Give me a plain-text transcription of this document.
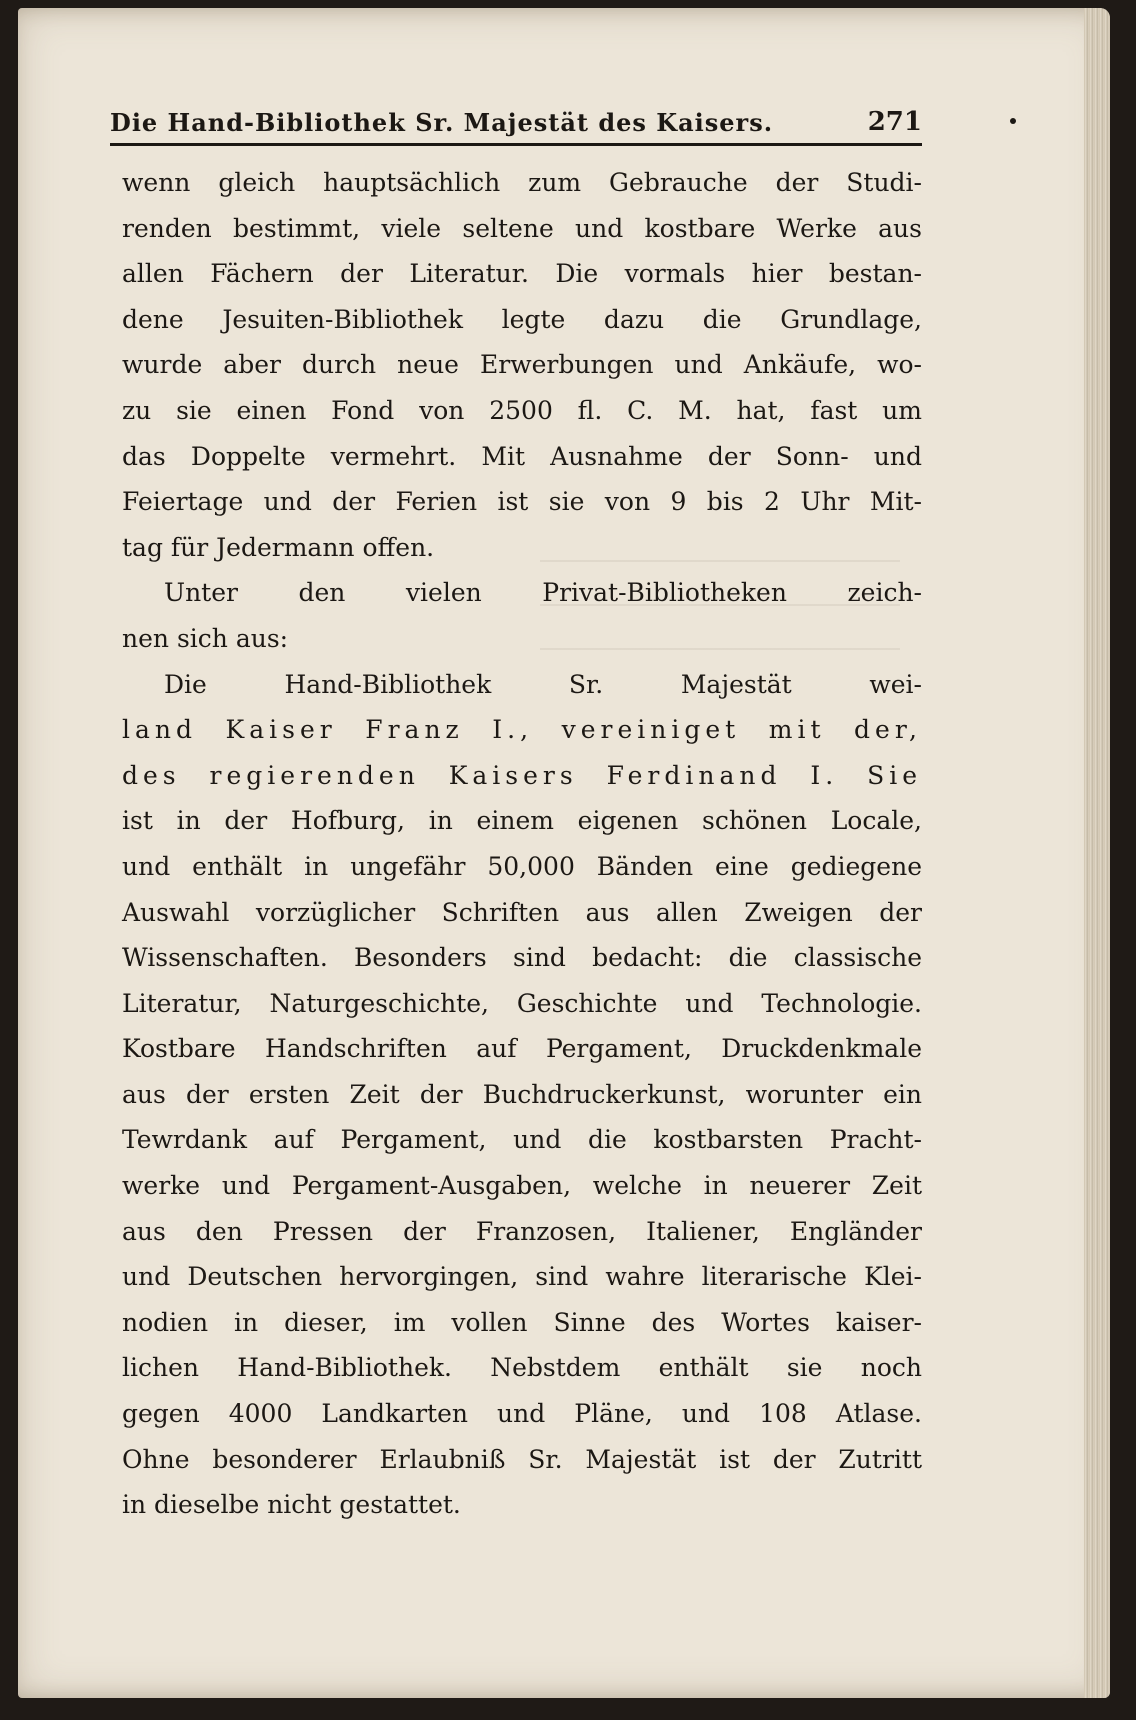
Die Hand-Bibliothek Sr. Majestät des Kaisers.	271
wenn gleich hauptsächlich zum Gebrauche der Studi-
renden bestimmt, viele seltene und kostbare Werke aus
allen Fächern der Literatur. Die vormals hier bestan-
dene Jesuiten-Bibliothek legte dazu die Grundlage,
wurde aber durch neue Erwerbungen und Ankäufe, wo-
zu sie einen Fond von 2500 fl. C. M. hat, fast um
das Doppelte vermehrt. Mit Ausnahme der Sonn- und
Feiertage und der Ferien ist sie von 9 bis 2 Uhr Mit-
tag für Jedermann offen.
Unter den vielen Privat-Bibliotheken zeich-
nen sich aus:
Die Hand-Bibliothek Sr. Majestät wei-
land Kaiser Franz I., vereiniget mit der,
des regierenden Kaisers Ferdinand I. Sie
ist in der Hofburg, in einem eigenen schönen Locale,
und enthält in ungefähr 50,000 Bänden eine gediegene
Auswahl vorzüglicher Schriften aus allen Zweigen der
Wissenschaften. Besonders sind bedacht: die classische
Literatur, Naturgeschichte, Geschichte und Technologie.
Kostbare Handschriften auf Pergament, Druckdenkmale
aus der ersten Zeit der Buchdruckerkunst, worunter ein
Tewrdank auf Pergament, und die kostbarsten Pracht-
werke und Pergament-Ausgaben, welche in neuerer Zeit
aus den Pressen der Franzosen, Italiener, Engländer
und Deutschen hervorgingen, sind wahre literarische Klei-
nodien in dieser, im vollen Sinne des Wortes kaiser-
lichen Hand-Bibliothek. Nebstdem enthält sie noch
gegen 4000 Landkarten und Pläne, und 108 Atlase.
Ohne besonderer Erlaubniß Sr. Majestät ist der Zutritt
in dieselbe nicht gestattet.
